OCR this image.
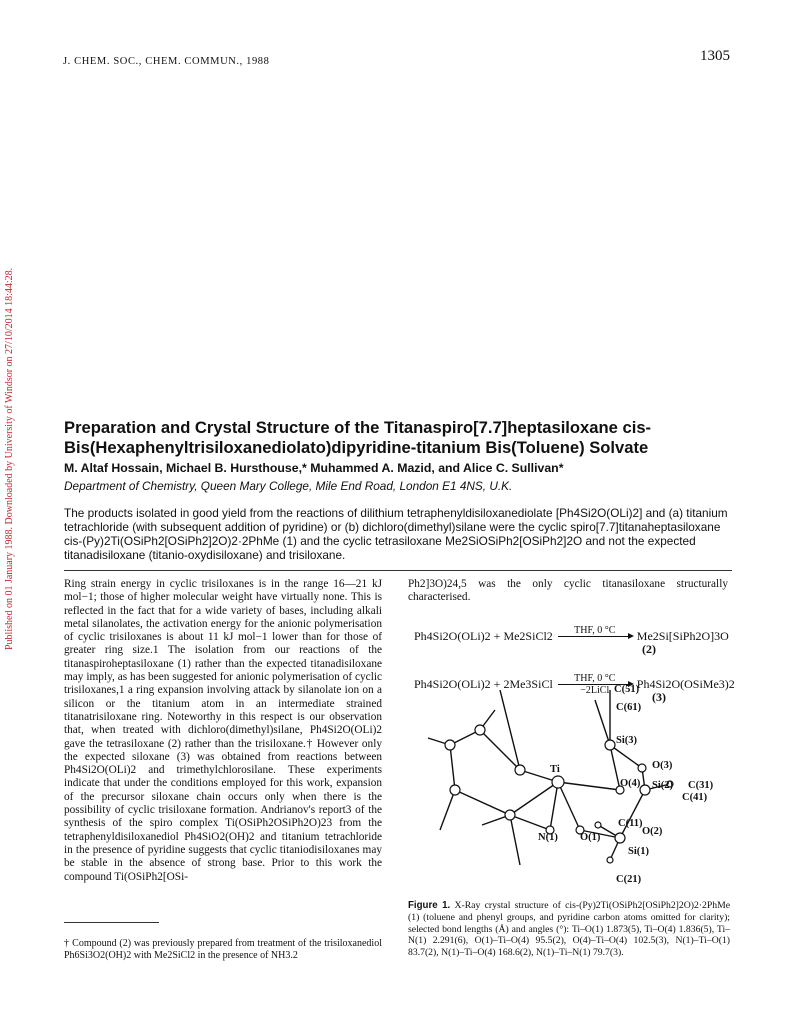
J. CHEM. SOC., CHEM. COMMUN., 1988	1305
Published on 01 January 1988. Downloaded by University of Windsor on 27/10/2014 18:44:28.	Preparation and Crystal Structure of the Titanaspiro[7.7]heptasiloxane cis-Bis(Hexaphenyltrisiloxanediolato)dipyridine-titanium Bis(Toluene) Solvate
M. Altaf Hossain, Michael B. Hursthouse,* Muhammed A. Mazid, and Alice C. Sullivan*
Department of Chemistry, Queen Mary College, Mile End Road, London E1 4NS, U.K.
The products isolated in good yield from the reactions of dilithium tetraphenyldisiloxanediolate [Ph4Si2O(OLi)2] and (a) titanium tetrachloride (with subsequent addition of pyridine) or (b) dichloro(dimethyl)silane were the cyclic spiro[7.7]titanaheptasiloxane cis-(Py)2Ti(OSiPh2[OSiPh2]2O)2·2PhMe (1) and the cyclic tetrasiloxane Me2SiOSiPh2[OSiPh2]2O and not the expected titanadisiloxane (titanio-oxydisiloxane) and trisiloxane.
Ring strain energy in cyclic trisiloxanes is in the range 16—21 kJ mol−1; those of higher molecular weight have virtually none. This is reflected in the fact that for a wide variety of bases, including alkali metal silanolates, the activation energy for the anionic polymerisation of cyclic trisiloxanes is about 11 kJ mol−1 lower than for those of greater ring size.1 The isolation from our reactions of the titanaspiroheptasiloxane (1) rather than the expected titanadisiloxane may imply, as has been suggested for anionic polymerisation of cyclic trisiloxanes,1 a ring expansion involving attack by silanolate ion on a silicon or the titanium atom in an intermediate strained titanatrisiloxane ring. Noteworthy in this respect is our observation that, when treated with dichloro(dimethyl)silane, Ph4Si2O(OLi)2 gave the tetrasiloxane (2) rather than the trisiloxane.† However only the expected siloxane (3) was obtained from reactions between Ph4Si2O(OLi)2 and trimethylchlorosilane. These experiments indicate that under the conditions employed for this work, expansion of the precursor siloxane chain occurs only when there is the possibility of cyclic trisiloxane formation. Andrianov's report3 of the synthesis of the spiro complex Ti(OSiPh2OSiPh2O)23 from the tetraphenyldisiloxanediol Ph4SiO2(OH)2 and titanium tetrachloride in the presence of pyridine suggests that cyclic titaniodisiloxanes may be stable in the absence of strong base. Prior to this work the compound Ti(OSiPh2[OSi-
Ph2]3O)24,5 was the only cyclic titanasiloxane structurally characterised.
Ph4Si2O(OLi)2 + Me2SiCl2	THF, 0 °C
	Me2Si[SiPh2O]3O
(2)
Ph4Si2O(OLi)2 + 2Me3SiCl	THF, 0 °C
−2LiCl	Ph4Si2O(OSiMe3)2
(3)
C(51)
C(61)
Si(3)
O(3)
O(4)
Ti
Si(2) C(31)
C(41)
C(11)
O(2)
N(1) O(1)
Si(1)
C(21)
Figure 1. X-Ray crystal structure of cis-(Py)2Ti(OSiPh2[OSiPh2]2O)2·2PhMe (1) (toluene and phenyl groups, and pyridine carbon atoms omitted for clarity); selected bond lengths (Å) and angles (°): Ti–O(1) 1.873(5), Ti–O(4) 1.836(5), Ti–N(1) 2.291(6), O(1)–Ti–O(4) 95.5(2), O(4)–Ti–O(4) 102.5(3), N(1)–Ti–O(1) 83.7(2), N(1)–Ti–O(4) 168.6(2), N(1)–Ti–N(1) 79.7(3).
† Compound (2) was previously prepared from treatment of the trisiloxanediol Ph6Si3O2(OH)2 with Me2SiCl2 in the presence of NH3.2
